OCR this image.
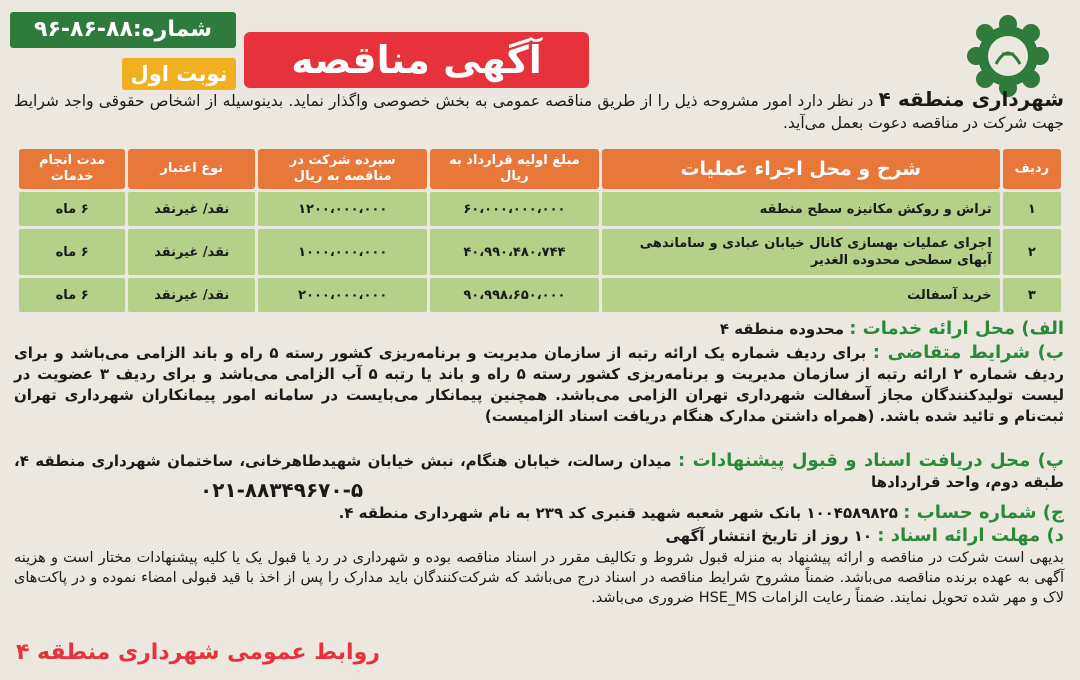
شماره:۸۸-۸۶-۹۶
نوبت اول	آگهی مناقصه
شهرداری منطقه ۴ در نظر دارد امور مشروحه ذیل را از طریق مناقصه عمومی به بخش خصوصی واگذار نماید. بدینوسیله از اشخاص حقوقی واجد شرایط جهت شرکت در مناقصه دعوت بعمل می‌آید.
ردیف	شرح و محل اجراء عملیات	مبلغ اولیه قرارداد به ریال	سپرده شرکت در مناقصه به ریال	نوع اعتبار	مدت انجام خدمات
۱	تراش و روکش مکانیزه سطح منطقه	۶۰،۰۰۰،۰۰۰،۰۰۰	۱۲۰۰،۰۰۰،۰۰۰	نقد/ غیرنقد	۶ ماه
۲	اجرای عملیات بهسازی کانال خیابان عبادی و ساماندهی آبهای سطحی محدوده الغدیر	۴۰،۹۹۰،۴۸۰،۷۴۴	۱۰۰۰،۰۰۰،۰۰۰	نقد/ غیرنقد	۶ ماه
۳	خرید آسفالت	۹۰،۹۹۸،۶۵۰،۰۰۰	۲۰۰۰،۰۰۰،۰۰۰	نقد/ غیرنقد	۶ ماه
الف) محل ارائه خدمات : محدوده منطقه ۴
ب) شرایط متقاضی : برای ردیف شماره یک ارائه رتبه از سازمان مدیریت و برنامه‌ریزی کشور رسته ۵ راه و باند الزامی می‌باشد و برای ردیف شماره ۲ ارائه رتبه از سازمان مدیریت و برنامه‌ریزی کشور رسته ۵ راه و باند یا رتبه ۵ آب الزامی می‌باشد و برای ردیف ۳ عضویت در لیست تولیدکنندگان مجاز آسفالت شهرداری تهران الزامی می‌باشد. همچنین پیمانکار می‌بایست در سامانه امور پیمانکاران شهرداری تهران ثبت‌نام و تائید شده باشد. (همراه داشتن مدارک هنگام دریافت اسناد الزامیست)
پ) محل دریافت اسناد و قبول پیشنهادات : میدان رسالت، خیابان هنگام، نبش خیابان شهیدطاهرخانی، ساختمان شهرداری منطقه ۴، طبقه دوم، واحد قراردادها
۰۲۱-۸۸۳۴۹۶۷۰-۵
ج) شماره حساب : ۱۰۰۴۵۸۹۸۲۵ بانک شهر شعبه شهید قنبری کد ۲۳۹ به نام شهرداری منطقه ۴.
د) مهلت ارائه اسناد : ۱۰ روز از تاریخ انتشار آگهی
بدیهی است شرکت در مناقصه و ارائه پیشنهاد به منزله قبول شروط و تکالیف مقرر در اسناد مناقصه بوده و شهرداری در رد یا قبول یک یا کلیه پیشنهادات مختار است و هزینه آگهی به عهده برنده مناقصه می‌باشد. ضمناً مشروح شرایط مناقصه در اسناد درج می‌باشد که شرکت‌کنندگان باید مدارک را پس از اخذ با قید قبولی امضاء نموده و در پاکت‌های لاک و مهر شده تحویل نمایند. ضمناً رعایت الزامات HSE_MS ضروری می‌باشد.
روابط عمومی شهرداری منطقه ۴
